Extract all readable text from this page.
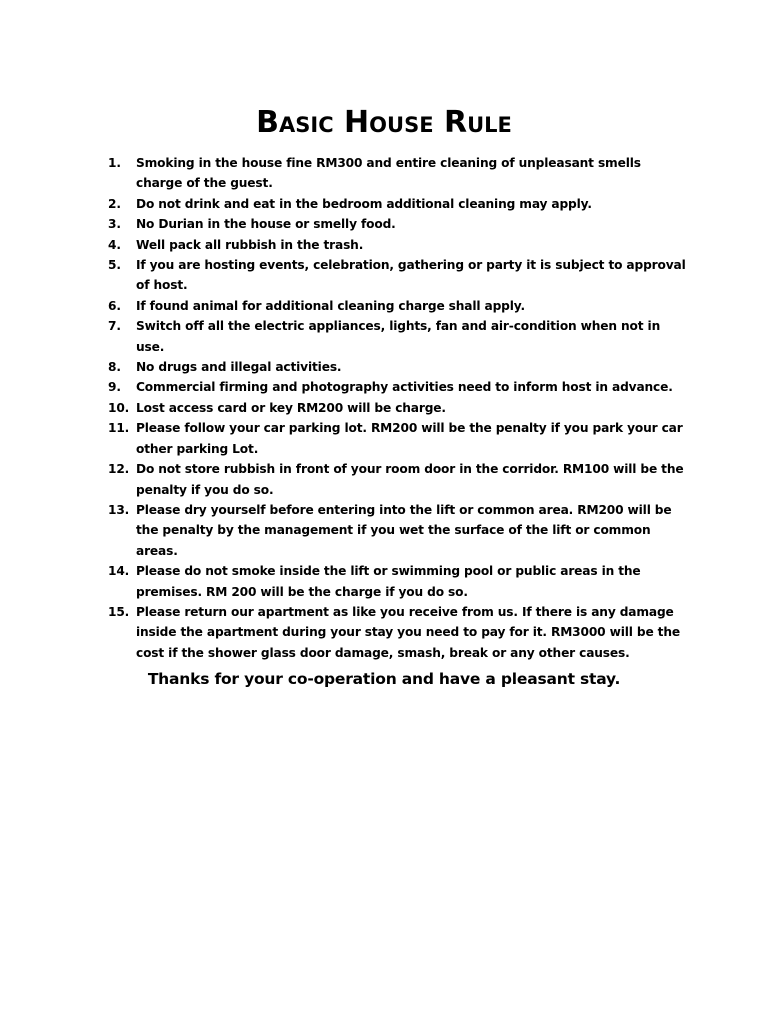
Basic House Rule
1.	Smoking in the house fine RM300 and entire cleaning of unpleasant smells charge of the guest.
2.	Do not drink and eat in the bedroom additional cleaning may apply.
3.	No Durian in the house or smelly food.
4.	Well pack all rubbish in the trash.
5.	If you are hosting events, celebration, gathering or party it is subject to approval of host.
6.	If found animal for additional cleaning charge shall apply.
7.	Switch off all the electric appliances, lights, fan and air-condition when not in use.
8.	No drugs and illegal activities.
9.	Commercial firming and photography activities need to inform host in advance.
10. Lost access card or key RM200 will be charge.
11. Please follow your car parking lot. RM200 will be the penalty if you park your car other parking Lot.
12. Do not store rubbish in front of your room door in the corridor. RM100 will be the penalty if you do so.
13. Please dry yourself before entering into the lift or common area. RM200 will be the penalty by the management if you wet the surface of the lift or common areas.
14. Please do not smoke inside the lift or swimming pool or public areas in the premises. RM 200 will be the charge if you do so.
15. Please return our apartment as like you receive from us. If there is any damage inside the apartment during your stay you need to pay for it. RM3000 will be the cost if the shower glass door damage, smash, break or any other causes.
Thanks for your co-operation and have a pleasant stay.
